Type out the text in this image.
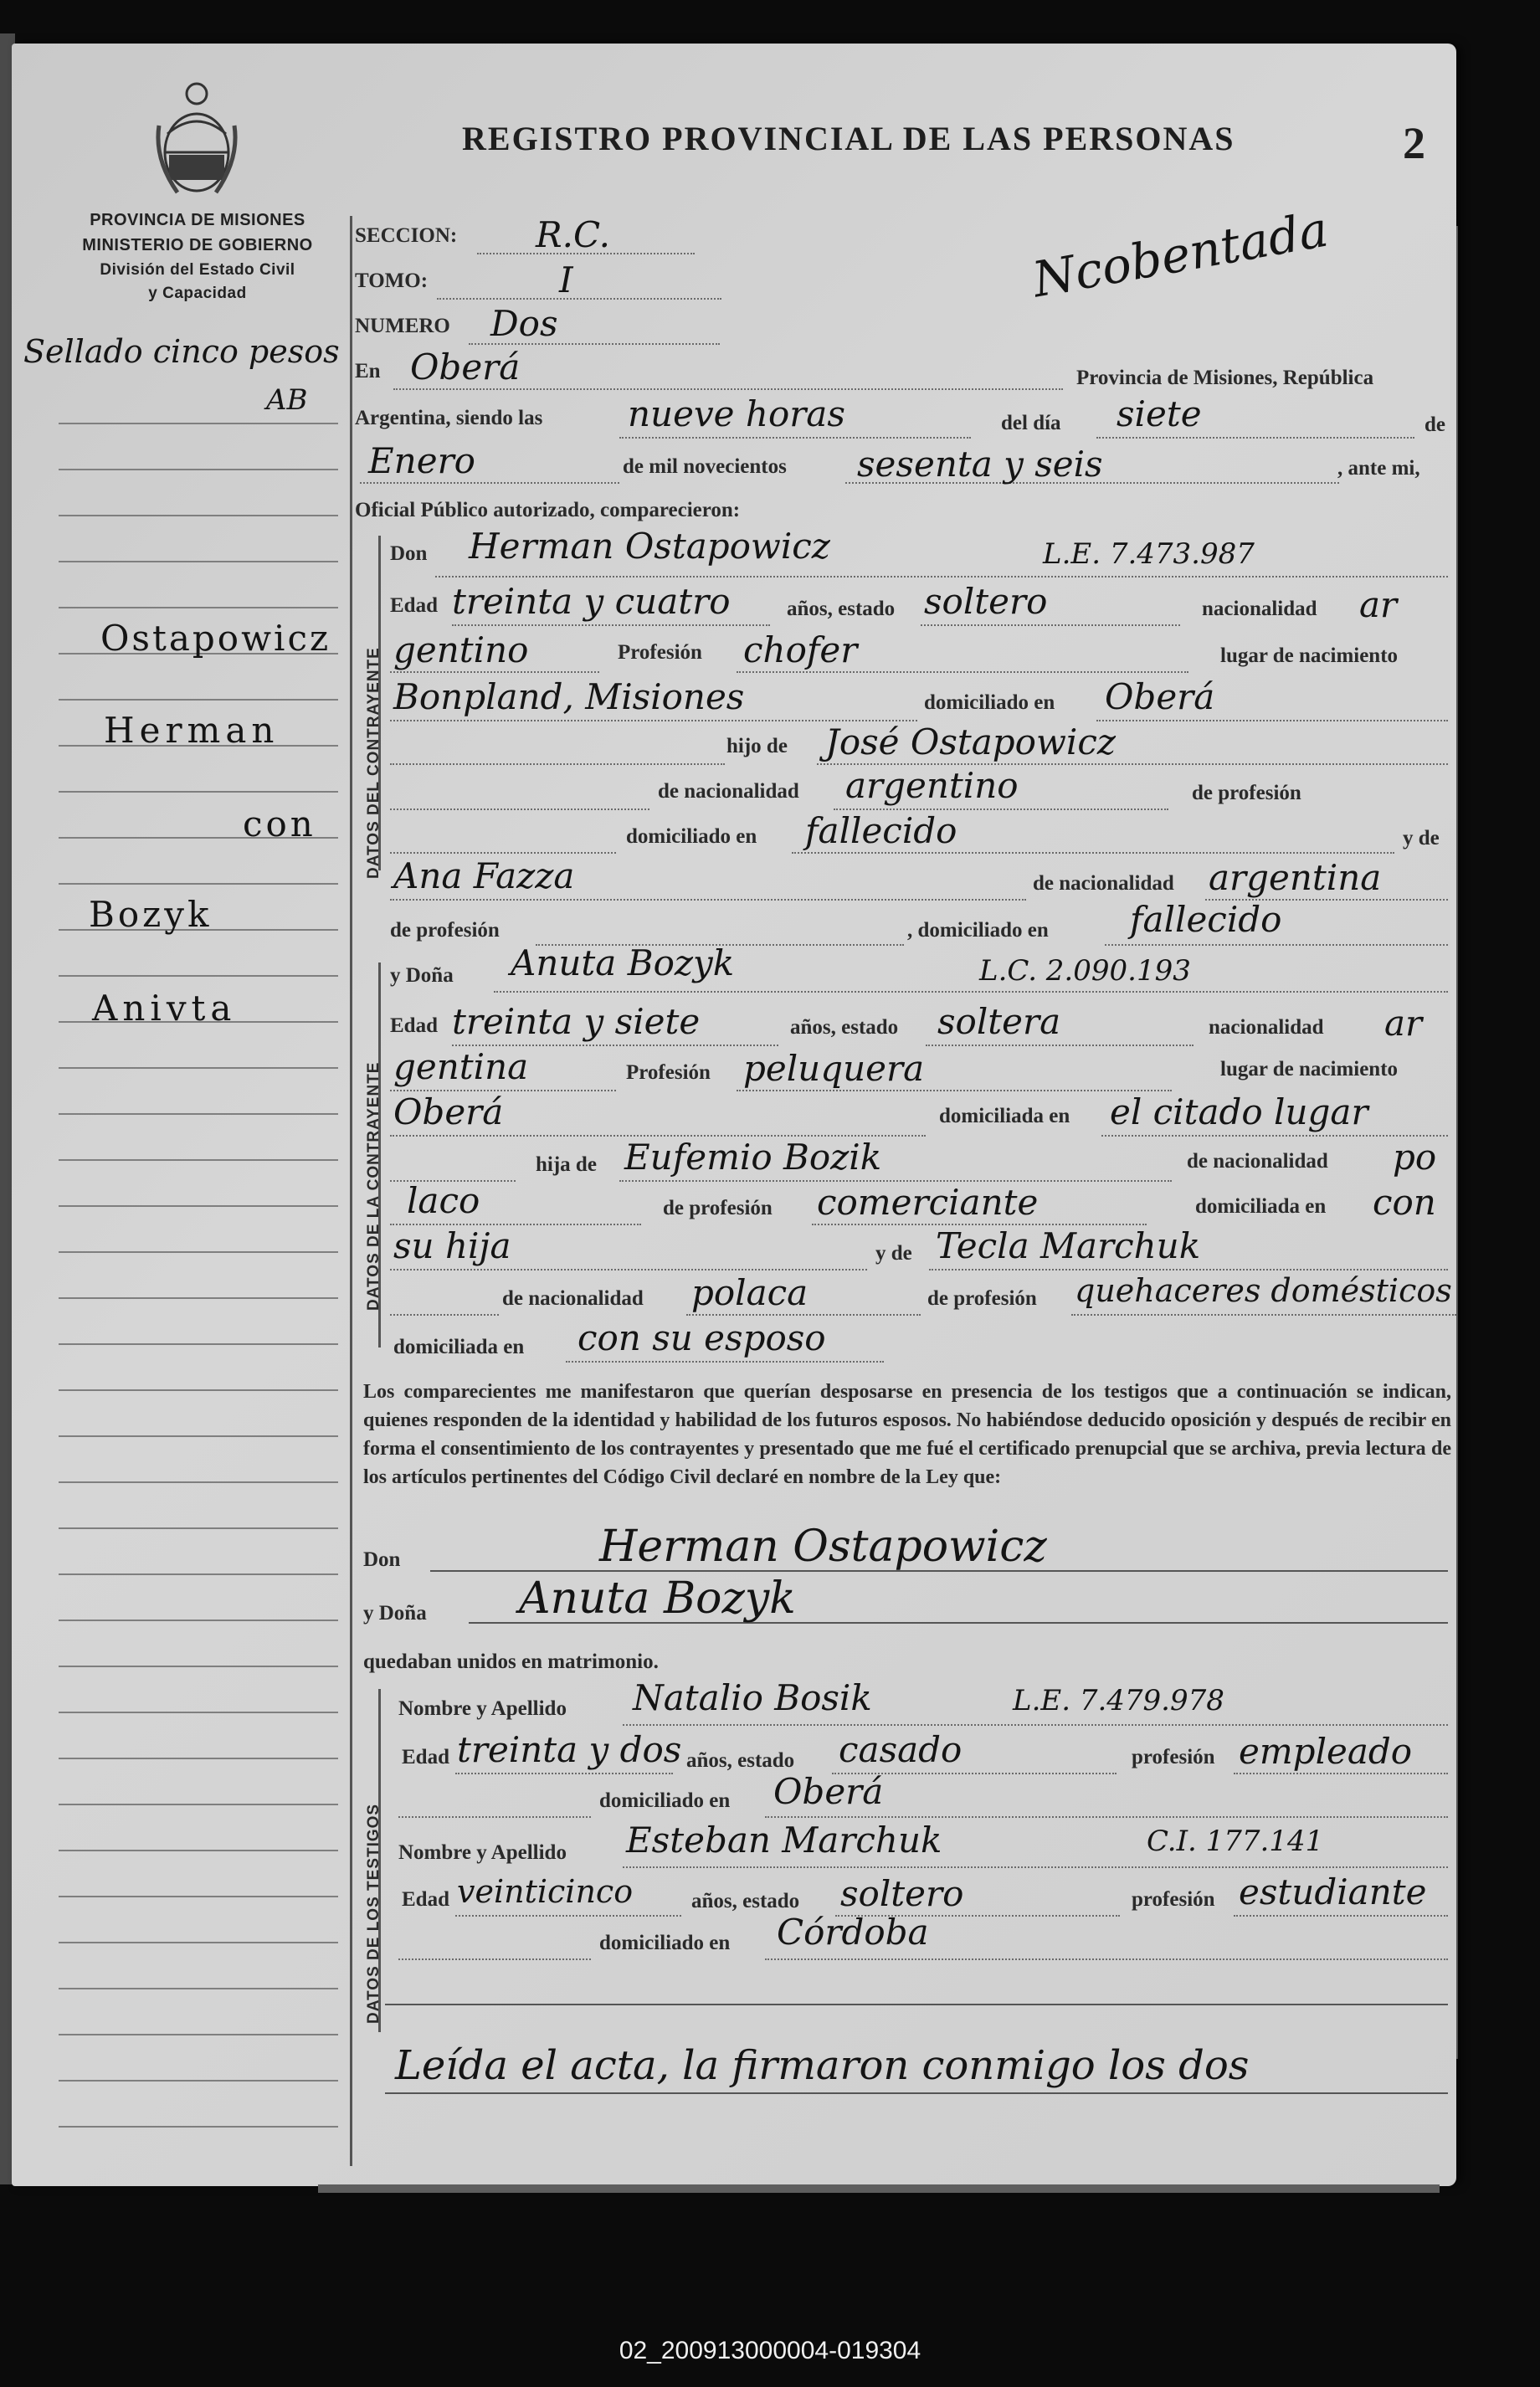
PROVINCIA DE MISIONES
MINISTERIO DE GOBIERNO
División del Estado Civil
y Capacidad
REGISTRO PROVINCIAL DE LAS PERSONAS	2
Ncobentada
Sellado cinco pesos
AB
Ostapowicz
Herman
con
Bozyk
Anivta
SECCION: R.C.
TOMO:	I
NUMERO Dos
En Oberá	Provincia de Misiones, República
Argentina, siendo las nueve horas	del día siete	de
Enero	de mil novecientos sesenta y seis	, ante mi,
Oficial Público autorizado, comparecieron:
DATOS DEL CONTRAYENTE
Don Herman Ostapowicz	L.E. 7.473.987
Edad treinta y cuatro	años, estado soltero	nacionalidad ar
gentino	Profesión chofer	lugar de nacimiento
Bonpland, Misiones	domiciliado en Oberá
hijo de José Ostapowicz
de nacionalidad argentino	de profesión
domiciliado en fallecido	y de
Ana Fazza	de nacionalidad argentina
de profesión	, domiciliado en fallecido
DATOS DE LA CONTRAYENTE
y Doña Anuta Bozyk	L.C. 2.090.193
Edad treinta y siete	años, estado soltera	nacionalidad ar
gentina	Profesión peluquera	lugar de nacimiento
Oberá	domiciliada en el citado lugar
hija de Eufemio Bozik	de nacionalidad po
laco	de profesión comerciante	domiciliada en con
su hija	y de Tecla Marchuk
de nacionalidad polaca	de profesión quehaceres domésticos
domiciliada en con su esposo
Los comparecientes me manifestaron que querían desposarse en presencia de los testigos que a continuación se indican, quienes responden de la identidad y habilidad de los futuros esposos. No habiéndose deducido oposición y después de recibir en forma el consentimiento de los contrayentes y presentado que me fué el certificado prenupcial que se archiva, previa lectura de los artículos pertinentes del Código Civil declaré en nombre de la Ley que:
Don	Herman Ostapowicz
y Doña Anuta Bozyk
quedaban unidos en matrimonio.
DATOS DE LOS TESTIGOS
Nombre y Apellido Natalio Bosik	L.E. 7.479.978
Edad treinta y dos años, estado casado	profesión empleado
domiciliado en Oberá
Nombre y Apellido Esteban Marchuk	C.I. 177.141
Edad veinticinco	años, estado soltero	profesión estudiante
domiciliado en Córdoba
Leída el acta, la firmaron conmigo los dos
02_200913000004-019304
